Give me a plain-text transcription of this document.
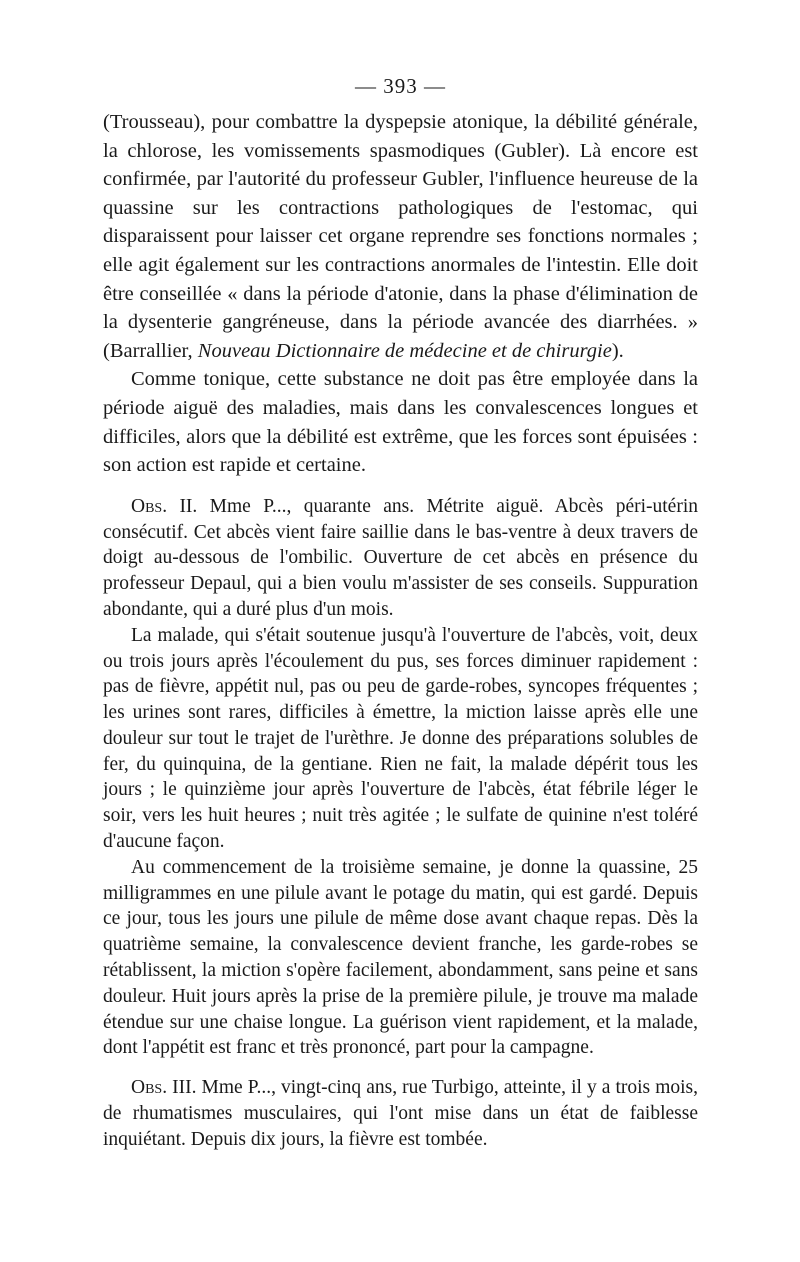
— 393 —

(Trousseau), pour combattre la dyspepsie atonique, la débilité générale, la chlorose, les vomissements spasmodiques (Gubler). Là encore est confirmée, par l'autorité du professeur Gubler, l'influence heureuse de la quassine sur les contractions pathologiques de l'estomac, qui disparaissent pour laisser cet organe reprendre ses fonctions normales ; elle agit également sur les contractions anormales de l'intestin. Elle doit être conseillée « dans la période d'atonie, dans la phase d'élimination de la dysenterie gangréneuse, dans la période avancée des diarrhées. » (Barrallier, Nouveau Dictionnaire de médecine et de chirurgie).

Comme tonique, cette substance ne doit pas être employée dans la période aiguë des maladies, mais dans les convalescences longues et difficiles, alors que la débilité est extrême, que les forces sont épuisées : son action est rapide et certaine.

Obs. II. Mme P..., quarante ans. Métrite aiguë. Abcès péri-utérin consécutif. Cet abcès vient faire saillie dans le bas-ventre à deux travers de doigt au-dessous de l'ombilic. Ouverture de cet abcès en présence du professeur Depaul, qui a bien voulu m'assister de ses conseils. Suppuration abondante, qui a duré plus d'un mois.

La malade, qui s'était soutenue jusqu'à l'ouverture de l'abcès, voit, deux ou trois jours après l'écoulement du pus, ses forces diminuer rapidement : pas de fièvre, appétit nul, pas ou peu de garde-robes, syncopes fréquentes ; les urines sont rares, difficiles à émettre, la miction laisse après elle une douleur sur tout le trajet de l'urèthre. Je donne des préparations solubles de fer, du quinquina, de la gentiane. Rien ne fait, la malade dépérit tous les jours ; le quinzième jour après l'ouverture de l'abcès, état fébrile léger le soir, vers les huit heures ; nuit très agitée ; le sulfate de quinine n'est toléré d'aucune façon.

Au commencement de la troisième semaine, je donne la quassine, 25 milligrammes en une pilule avant le potage du matin, qui est gardé. Depuis ce jour, tous les jours une pilule de même dose avant chaque repas. Dès la quatrième semaine, la convalescence devient franche, les garde-robes se rétablissent, la miction s'opère facilement, abondamment, sans peine et sans douleur. Huit jours après la prise de la première pilule, je trouve ma malade étendue sur une chaise longue. La guérison vient rapidement, et la malade, dont l'appétit est franc et très prononcé, part pour la campagne.

Obs. III. Mme P..., vingt-cinq ans, rue Turbigo, atteinte, il y a trois mois, de rhumatismes musculaires, qui l'ont mise dans un état de faiblesse inquiétant. Depuis dix jours, la fièvre est tombée.
